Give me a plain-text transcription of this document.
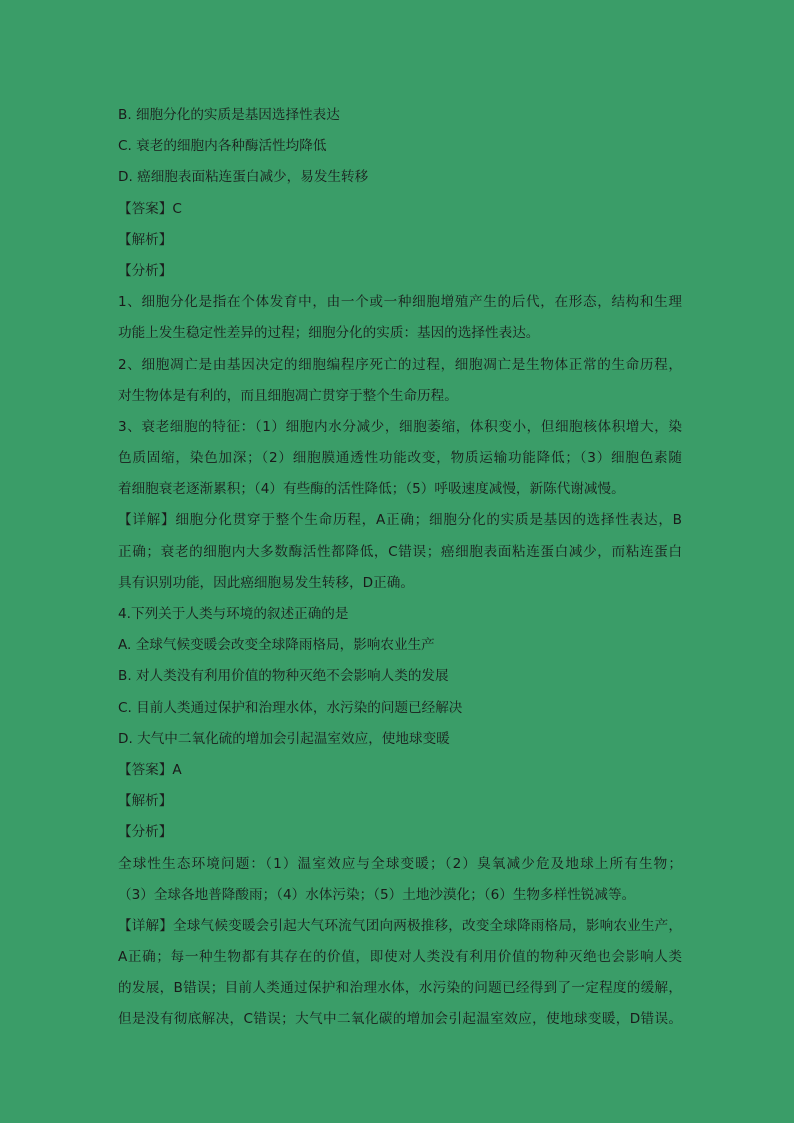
B. 细胞分化的实质是基因选择性表达

C. 衰老的细胞内各种酶活性均降低

D. 癌细胞表面粘连蛋白减少，易发生转移

【答案】C

【解析】

【分析】

1、细胞分化是指在个体发育中，由一个或一种细胞增殖产生的后代，在形态，结构和生理

功能上发生稳定性差异的过程；细胞分化的实质：基因的选择性表达。

2、细胞凋亡是由基因决定的细胞编程序死亡的过程，细胞凋亡是生物体正常的生命历程，

对生物体是有利的，而且细胞凋亡贯穿于整个生命历程。

3、衰老细胞的特征：（1）细胞内水分减少，细胞萎缩，体积变小，但细胞核体积增大，染

色质固缩，染色加深；（2）细胞膜通透性功能改变，物质运输功能降低；（3）细胞色素随

着细胞衰老逐渐累积；（4）有些酶的活性降低；（5）呼吸速度减慢，新陈代谢减慢。

【详解】细胞分化贯穿于整个生命历程，A正确；细胞分化的实质是基因的选择性表达，B

正确；衰老的细胞内大多数酶活性都降低，C错误；癌细胞表面粘连蛋白减少，而粘连蛋白

具有识别功能，因此癌细胞易发生转移，D正确。

4.下列关于人类与环境的叙述正确的是

A. 全球气候变暖会改变全球降雨格局，影响农业生产

B. 对人类没有利用价值的物种灭绝不会影响人类的发展

C. 目前人类通过保护和治理水体，水污染的问题已经解决

D. 大气中二氧化硫的增加会引起温室效应，使地球变暖

【答案】A

【解析】

【分析】

全球性生态环境问题：（1）温室效应与全球变暖；（2）臭氧减少危及地球上所有生物；

（3）全球各地普降酸雨；（4）水体污染；（5）土地沙漠化；（6）生物多样性锐减等。

【详解】全球气候变暖会引起大气环流气团向两极推移，改变全球降雨格局，影响农业生产，

A正确；每一种生物都有其存在的价值，即使对人类没有利用价值的物种灭绝也会影响人类

的发展，B错误；目前人类通过保护和治理水体，水污染的问题已经得到了一定程度的缓解，

但是没有彻底解决，C错误；大气中二氧化碳的增加会引起温室效应，使地球变暖，D错误。
